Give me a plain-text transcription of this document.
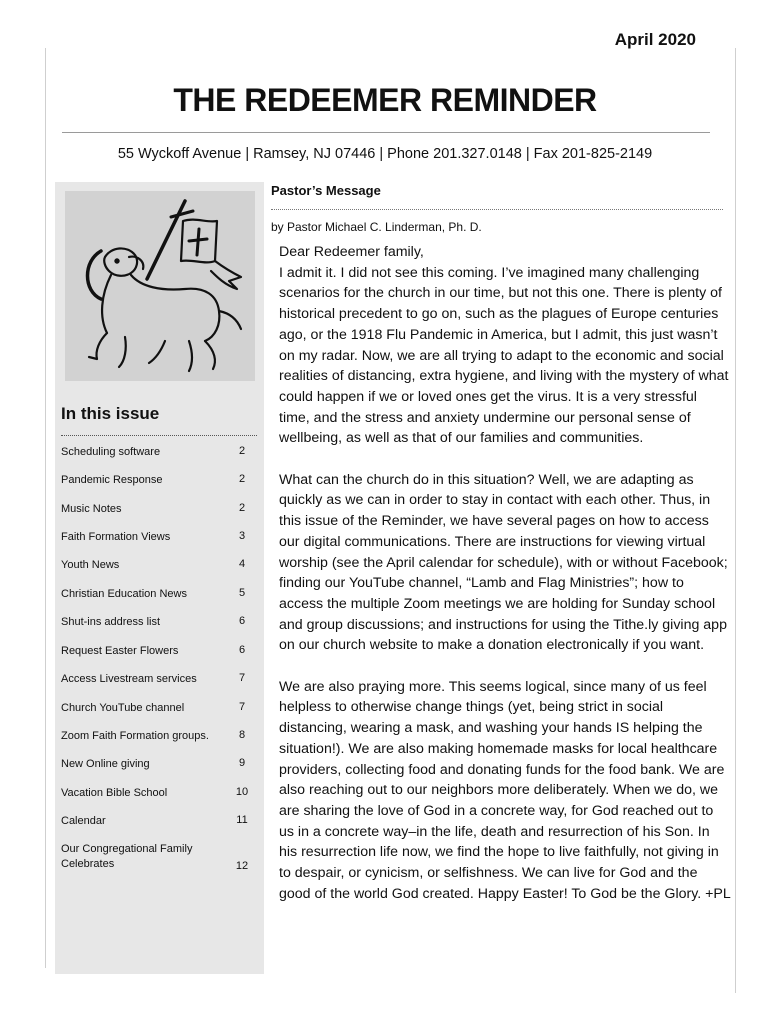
April 2020
THE REDEEMER REMINDER
55 Wyckoff Avenue | Ramsey, NJ 07446 | Phone 201.327.0148 | Fax 201-825-2149
In this issue
Scheduling software	2
Pandemic Response	2
Music Notes	2
Faith Formation Views	3
Youth News	4
Christian Education News	5
Shut-ins address list	6
Request Easter Flowers	6
Access Livestream services	7
Church YouTube channel	7
Zoom Faith Formation groups.	8
New Online giving	9
Vacation Bible School	10
Calendar	11
Our Congregational Family Celebrates	12
Pastor’s Message
by Pastor Michael C. Linderman, Ph. D.

Dear Redeemer family,
I admit it. I did not see this coming. I’ve imagined many challenging scenarios for the church in our time, but not this one. There is plenty of historical precedent to go on, such as the plagues of Europe centuries ago, or the 1918 Flu Pandemic in America, but I admit, this just wasn’t on my radar. Now, we are all trying to adapt to the economic and social realities of distancing, extra hygiene, and living with the mystery of what could happen if we or loved ones get the virus. It is a very stressful time, and the stress and anxiety undermine our personal sense of wellbeing, as well as that of our families and communities.

What can the church do in this situation? Well, we are adapting as quickly as we can in order to stay in contact with each other. Thus, in this issue of the Reminder, we have several pages on how to access our digital communications. There are instructions for viewing virtual worship (see the April calendar for schedule), with or without Facebook; finding our YouTube channel, “Lamb and Flag Ministries”; how to access the multiple Zoom meetings we are holding for Sunday school and group discussions; and instructions for using the Tithe.ly giving app on our church website to make a donation electronically if you want.

We are also praying more. This seems logical, since many of us feel helpless to otherwise change things (yet, being strict in social distancing, wearing a mask, and washing your hands IS helping the situation!). We are also making homemade masks for local healthcare providers, collecting food and donating funds for the food bank. We are also reaching out to our neighbors more deliberately. When we do, we are sharing the love of God in a concrete way, for God reached out to us in a concrete way–in the life, death and resurrection of his Son. In his resurrection life now, we find the hope to live faithfully, not giving in to despair, or cynicism, or selfishness. We can live for God and the good of the world God created. Happy Easter! To God be the Glory. +PL
